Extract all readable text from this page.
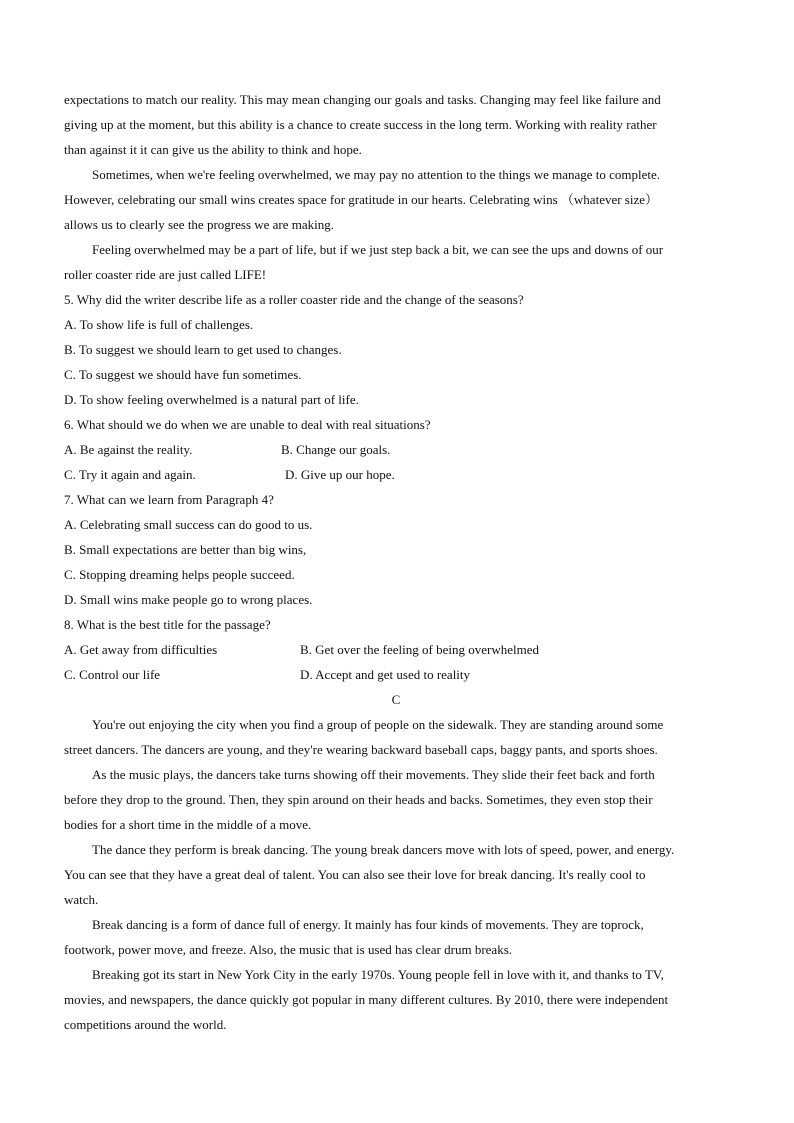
expectations to match our reality. This may mean changing our goals and tasks. Changing may feel like failure and
giving up at the moment, but this ability is a chance to create success in the long term. Working with reality rather
than against it it can give us the ability to think and hope.
Sometimes, when we're feeling overwhelmed, we may pay no attention to the things we manage to complete.
However, celebrating our small wins creates space for gratitude in our hearts. Celebrating wins （whatever size）
allows us to clearly see the progress we are making.
Feeling overwhelmed may be a part of life, but if we just step back a bit, we can see the ups and downs of our
roller coaster ride are just called LIFE!
5. Why did the writer describe life as a roller coaster ride and the change of the seasons?
A. To show life is full of challenges.
B. To suggest we should learn to get used to changes.
C. To suggest we should have fun sometimes.
D. To show feeling overwhelmed is a natural part of life.
6. What should we do when we are unable to deal with real situations?
A. Be against the reality.	B. Change our goals.
C. Try it again and again.	D. Give up our hope.
7. What can we learn from Paragraph 4?
A. Celebrating small success can do good to us.
B. Small expectations are better than big wins,
C. Stopping dreaming helps people succeed.
D. Small wins make people go to wrong places.
8. What is the best title for the passage?
A. Get away from difficulties	B. Get over the feeling of being overwhelmed
C. Control our life	D. Accept and get used to reality
C
You're out enjoying the city when you find a group of people on the sidewalk. They are standing around some
street dancers. The dancers are young, and they're wearing backward baseball caps, baggy pants, and sports shoes.
As the music plays, the dancers take turns showing off their movements. They slide their feet back and forth
before they drop to the ground. Then, they spin around on their heads and backs. Sometimes, they even stop their
bodies for a short time in the middle of a move.
The dance they perform is break dancing. The young break dancers move with lots of speed, power, and energy.
You can see that they have a great deal of talent. You can also see their love for break dancing. It's really cool to
watch.
Break dancing is a form of dance full of energy. It mainly has four kinds of movements. They are toprock,
footwork, power move, and freeze. Also, the music that is used has clear drum breaks.
Breaking got its start in New York City in the early 1970s. Young people fell in love with it, and thanks to TV,
movies, and newspapers, the dance quickly got popular in many different cultures. By 2010, there were independent
competitions around the world.
